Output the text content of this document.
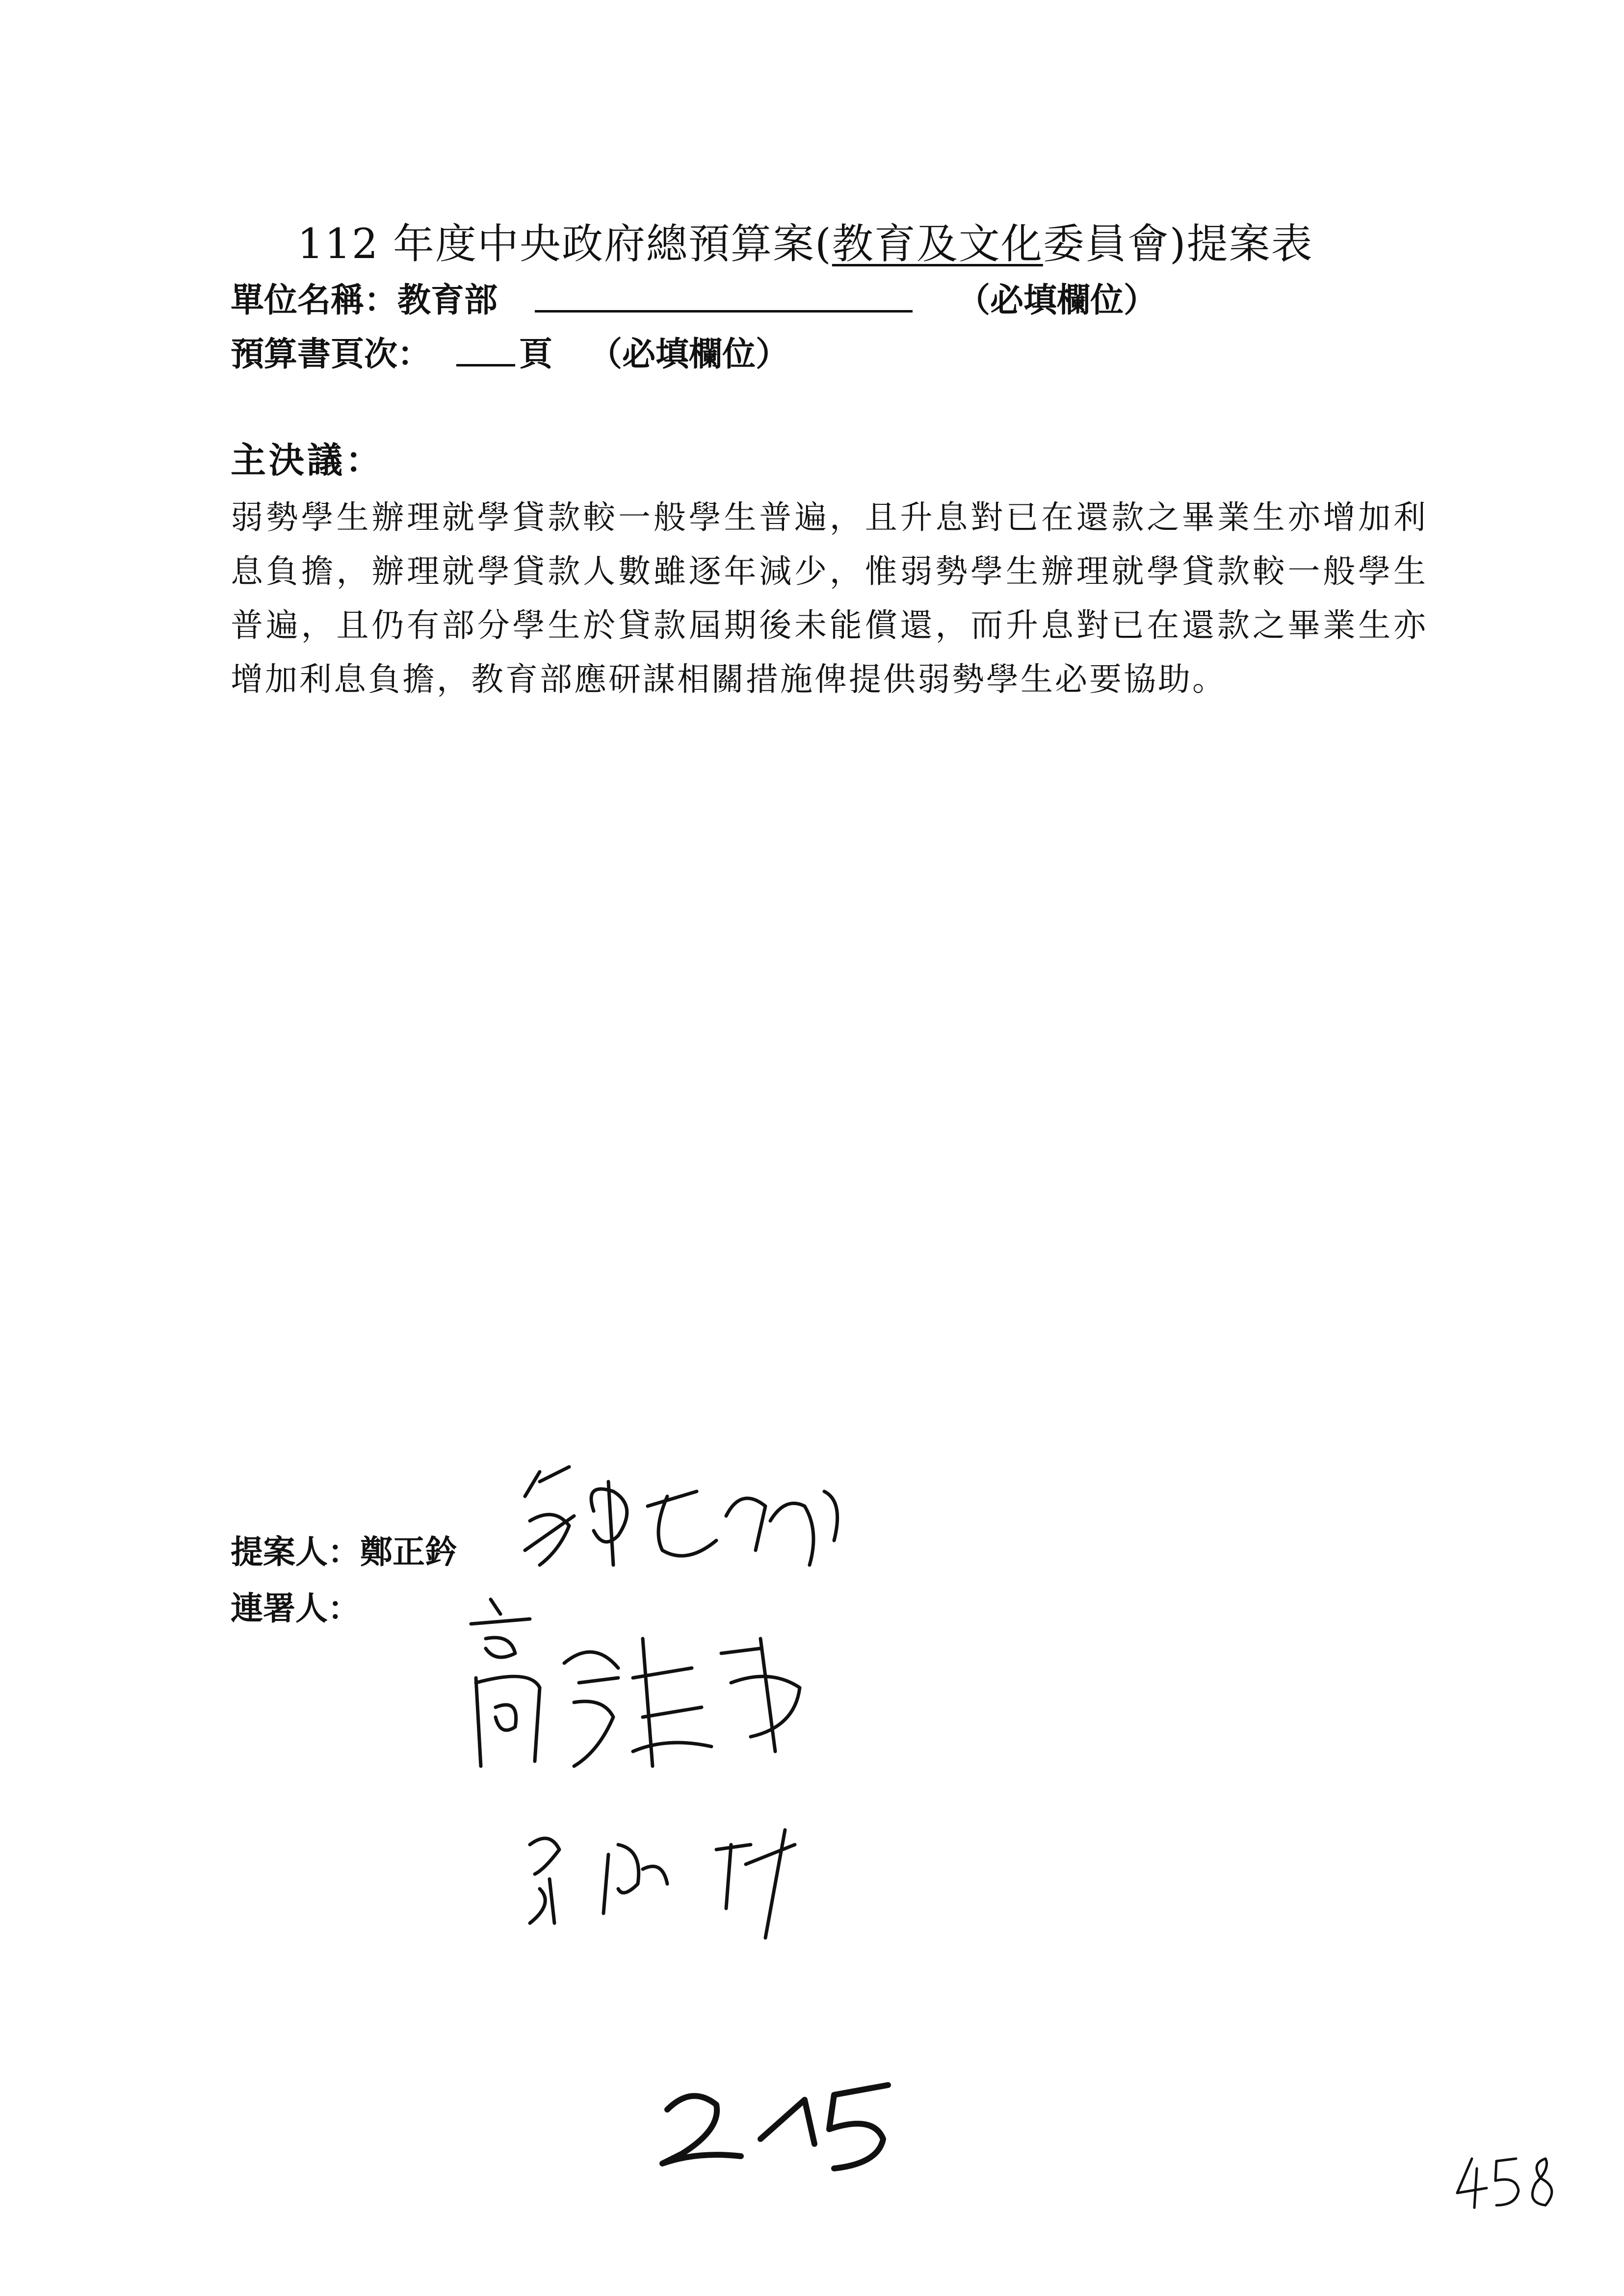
112 年度中央政府總預算案(教育及文化委員會)提案表
單位名稱：教育部	（必填欄位）
預算書頁次：	頁 （必填欄位）
主決議：
弱勢學生辦理就學貸款較一般學生普遍，且升息對已在還款之畢業生亦增加利息負擔，辦理就學貸款人數雖逐年減少，惟弱勢學生辦理就學貸款較一般學生普遍，且仍有部分學生於貸款屆期後未能償還，而升息對已在還款之畢業生亦增加利息負擔，教育部應研謀相關措施俾提供弱勢學生必要協助。
提案人：鄭正鈐
連署人：
